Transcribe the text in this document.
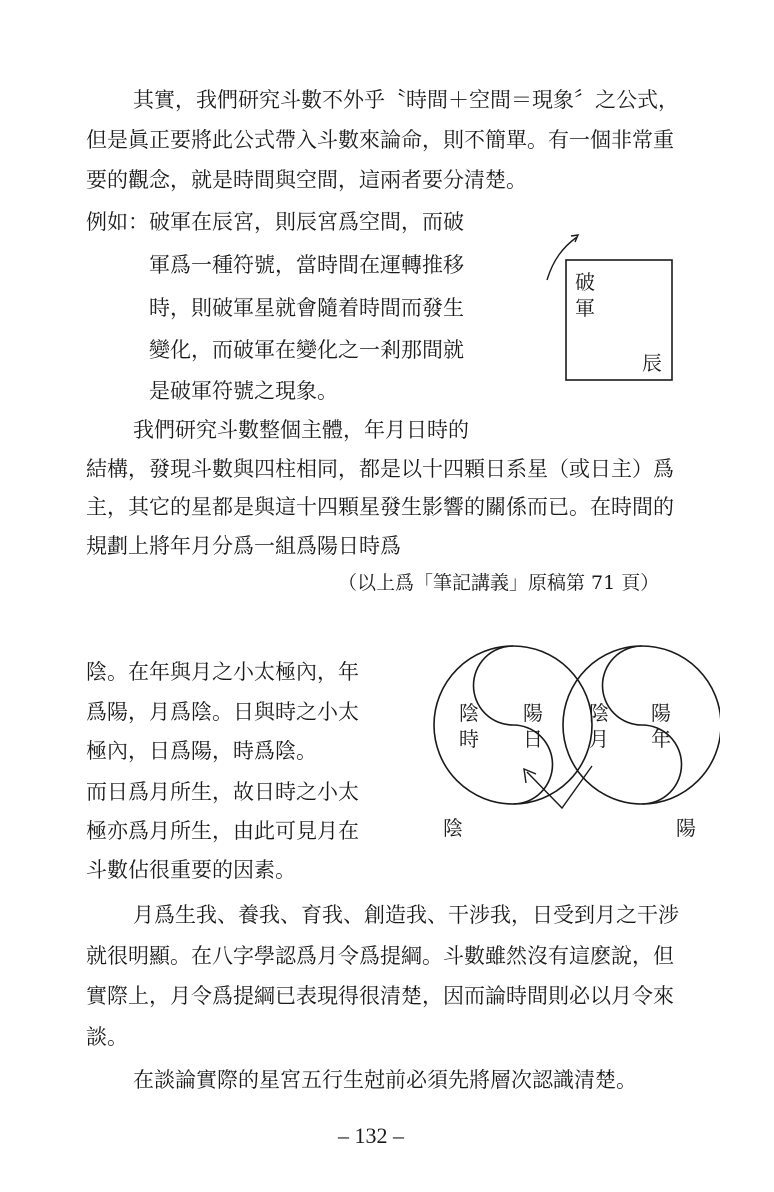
其實，我們研究斗數不外乎〝時間＋空間＝現象〞之公式，
但是眞正要將此公式帶入斗數來論命，則不簡單。有一個非常重
要的觀念，就是時間與空間，這兩者要分清楚。
例如： 破軍在辰宮，則辰宮爲空間，而破
軍爲一種符號，當時間在運轉推移
時，則破軍星就會隨着時間而發生
變化，而破軍在變化之一剎那間就
是破軍符號之現象。
破
軍
辰
我們研究斗數整個主體，年月日時的
結構，發現斗數與四柱相同，都是以十四顆日系星（或日主）爲
主，其它的星都是與這十四顆星發生影響的關係而已。在時間的
規劃上將年月分爲一組爲陽日時爲
（以上爲「筆記講義」原稿第 71 頁）
陰。在年與月之小太極內，年
爲陽，月爲陰。日與時之小太
極內，日爲陽，時爲陰。
而日爲月所生，故日時之小太
極亦爲月所生，由此可見月在
斗數佔很重要的因素。
陰
時
陽
日
陰
月
陽
年
陰	陽
月爲生我、養我、育我、創造我、干涉我，日受到月之干涉
就很明顯。在八字學認爲月令爲提綱。斗數雖然沒有這麽說，但
實際上，月令爲提綱已表現得很清楚，因而論時間則必以月令來
談。
在談論實際的星宮五行生尅前必須先將層次認識清楚。
– 132 –
